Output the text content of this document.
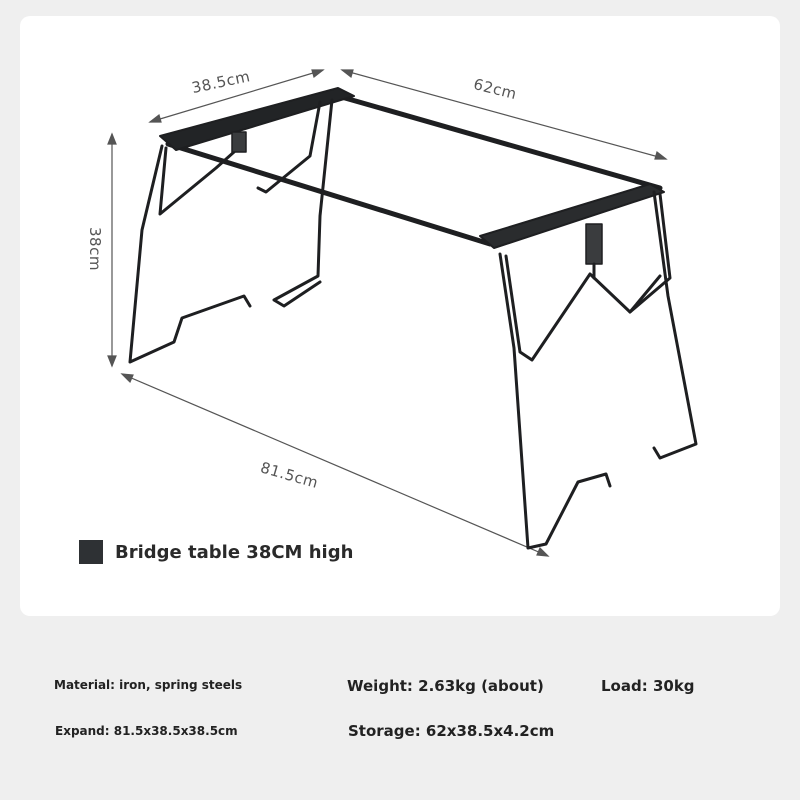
38.5cm	62cm
38cm
81.5cm
Bridge table 38CM high
Material: iron, spring steels	Weight: 2.63kg (about)	Load: 30kg
Expand: 81.5x38.5x38.5cm	Storage: 62x38.5x4.2cm
